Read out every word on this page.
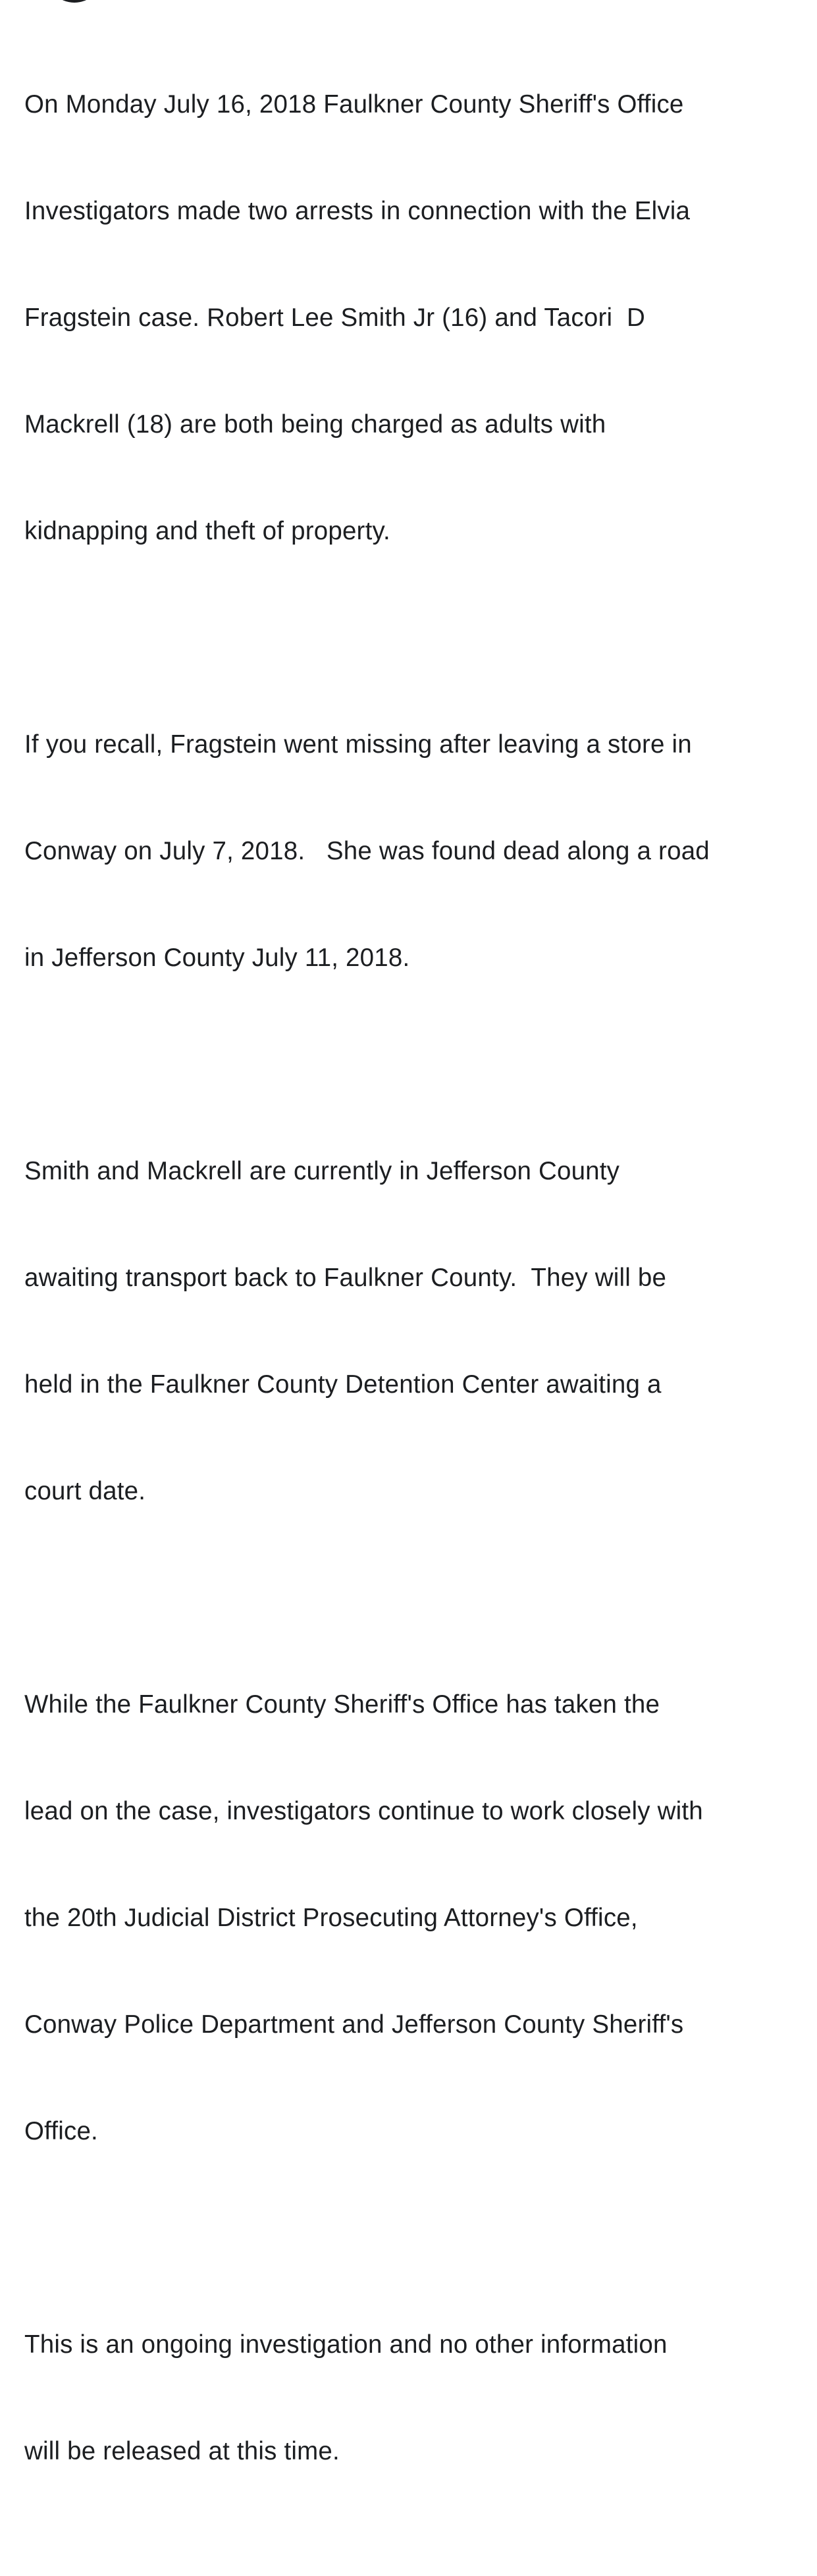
On Monday July 16, 2018 Faulkner County Sheriff's Office

Investigators made two arrests in connection with the Elvia

Fragstein case. Robert Lee Smith Jr (16) and Tacori  D

Mackrell (18) are both being charged as adults with

kidnapping and theft of property.

If you recall, Fragstein went missing after leaving a store in

Conway on July 7, 2018.   She was found dead along a road

in Jefferson County July 11, 2018.

Smith and Mackrell are currently in Jefferson County

awaiting transport back to Faulkner County.  They will be

held in the Faulkner County Detention Center awaiting a

court date.

While the Faulkner County Sheriff's Office has taken the

lead on the case, investigators continue to work closely with

the 20th Judicial District Prosecuting Attorney's Office,

Conway Police Department and Jefferson County Sheriff's

Office.

This is an ongoing investigation and no other information

will be released at this time.
